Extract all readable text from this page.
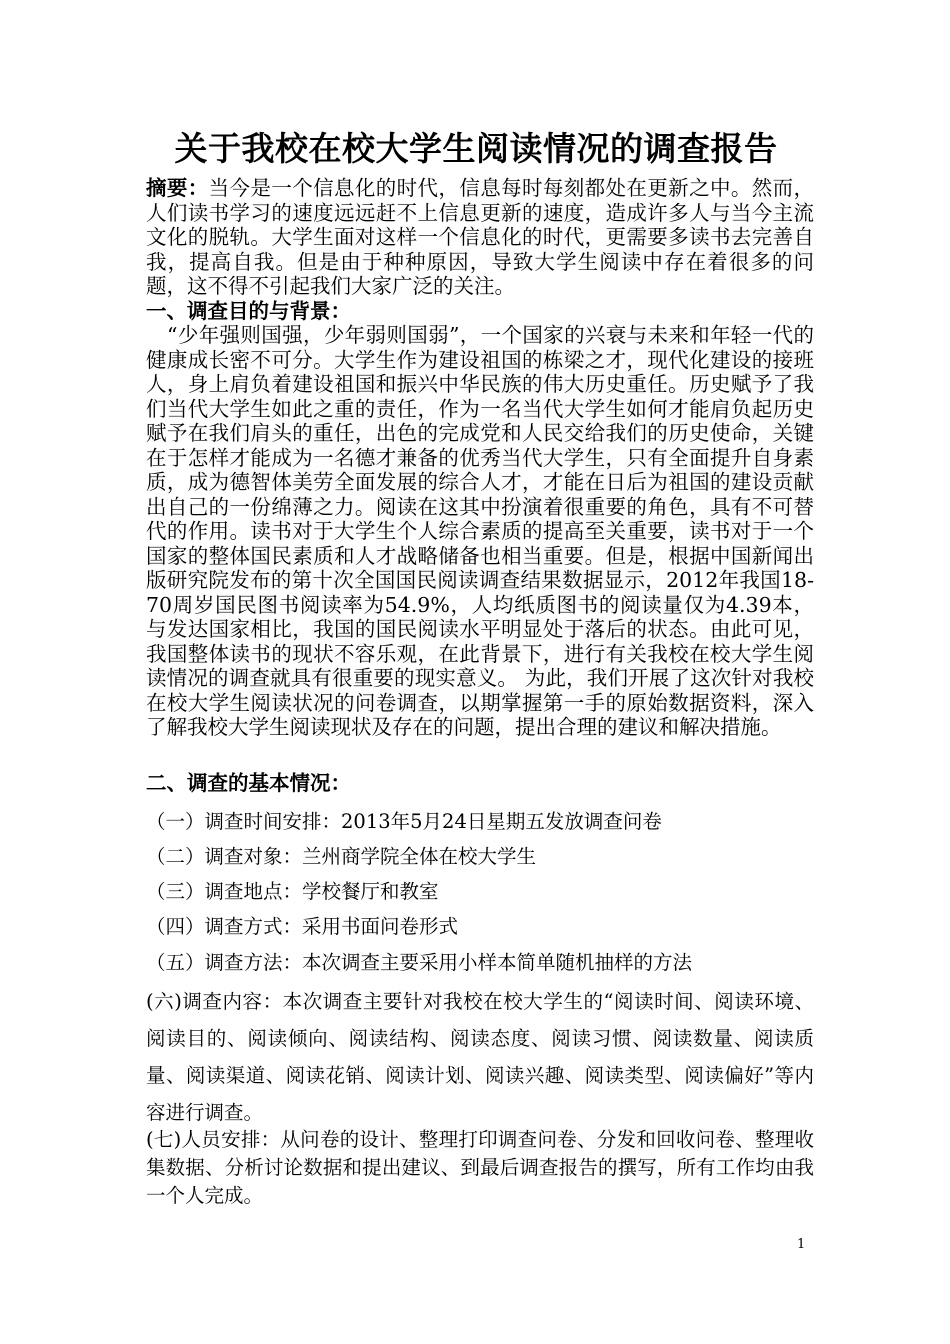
关于我校在校大学生阅读情况的调查报告
摘要：当今是一个信息化的时代，信息每时每刻都处在更新之中。然而，人们读书学习的速度远远赶不上信息更新的速度，造成许多人与当今主流文化的脱轨。大学生面对这样一个信息化的时代，更需要多读书去完善自我，提高自我。但是由于种种原因，导致大学生阅读中存在着很多的问题，这不得不引起我们大家广泛的关注。
一、调查目的与背景：
“少年强则国强，少年弱则国弱”，一个国家的兴衰与未来和年轻一代的健康成长密不可分。大学生作为建设祖国的栋梁之才，现代化建设的接班人，身上肩负着建设祖国和振兴中华民族的伟大历史重任。历史赋予了我们当代大学生如此之重的责任，作为一名当代大学生如何才能肩负起历史赋予在我们肩头的重任，出色的完成党和人民交给我们的历史使命，关键在于怎样才能成为一名德才兼备的优秀当代大学生，只有全面提升自身素质，成为德智体美劳全面发展的综合人才，才能在日后为祖国的建设贡献出自己的一份绵薄之力。阅读在这其中扮演着很重要的角色，具有不可替代的作用。读书对于大学生个人综合素质的提高至关重要，读书对于一个国家的整体国民素质和人才战略储备也相当重要。但是，根据中国新闻出版研究院发布的第十次全国国民阅读调查结果数据显示，2012年我国18-70周岁国民图书阅读率为54.9%，人均纸质图书的阅读量仅为4.39本，与发达国家相比，我国的国民阅读水平明显处于落后的状态。由此可见，我国整体读书的现状不容乐观，在此背景下，进行有关我校在校大学生阅读情况的调查就具有很重要的现实意义。 为此，我们开展了这次针对我校在校大学生阅读状况的问卷调查，以期掌握第一手的原始数据资料，深入了解我校大学生阅读现状及存在的问题，提出合理的建议和解决措施。
二、调查的基本情况：
（一）调查时间安排：2013年5月24日星期五发放调查问卷
（二）调查对象：兰州商学院全体在校大学生
（三）调查地点：学校餐厅和教室
（四）调查方式：采用书面问卷形式
（五）调查方法：本次调查主要采用小样本简单随机抽样的方法
(六)调查内容：本次调查主要针对我校在校大学生的“阅读时间、阅读环境、阅读目的、阅读倾向、阅读结构、阅读态度、阅读习惯、阅读数量、阅读质量、阅读渠道、阅读花销、阅读计划、阅读兴趣、阅读类型、阅读偏好”等内容进行调查。
(七)人员安排：从问卷的设计、整理打印调查问卷、分发和回收问卷、整理收集数据、分析讨论数据和提出建议、到最后调查报告的撰写，所有工作均由我一个人完成。
1
